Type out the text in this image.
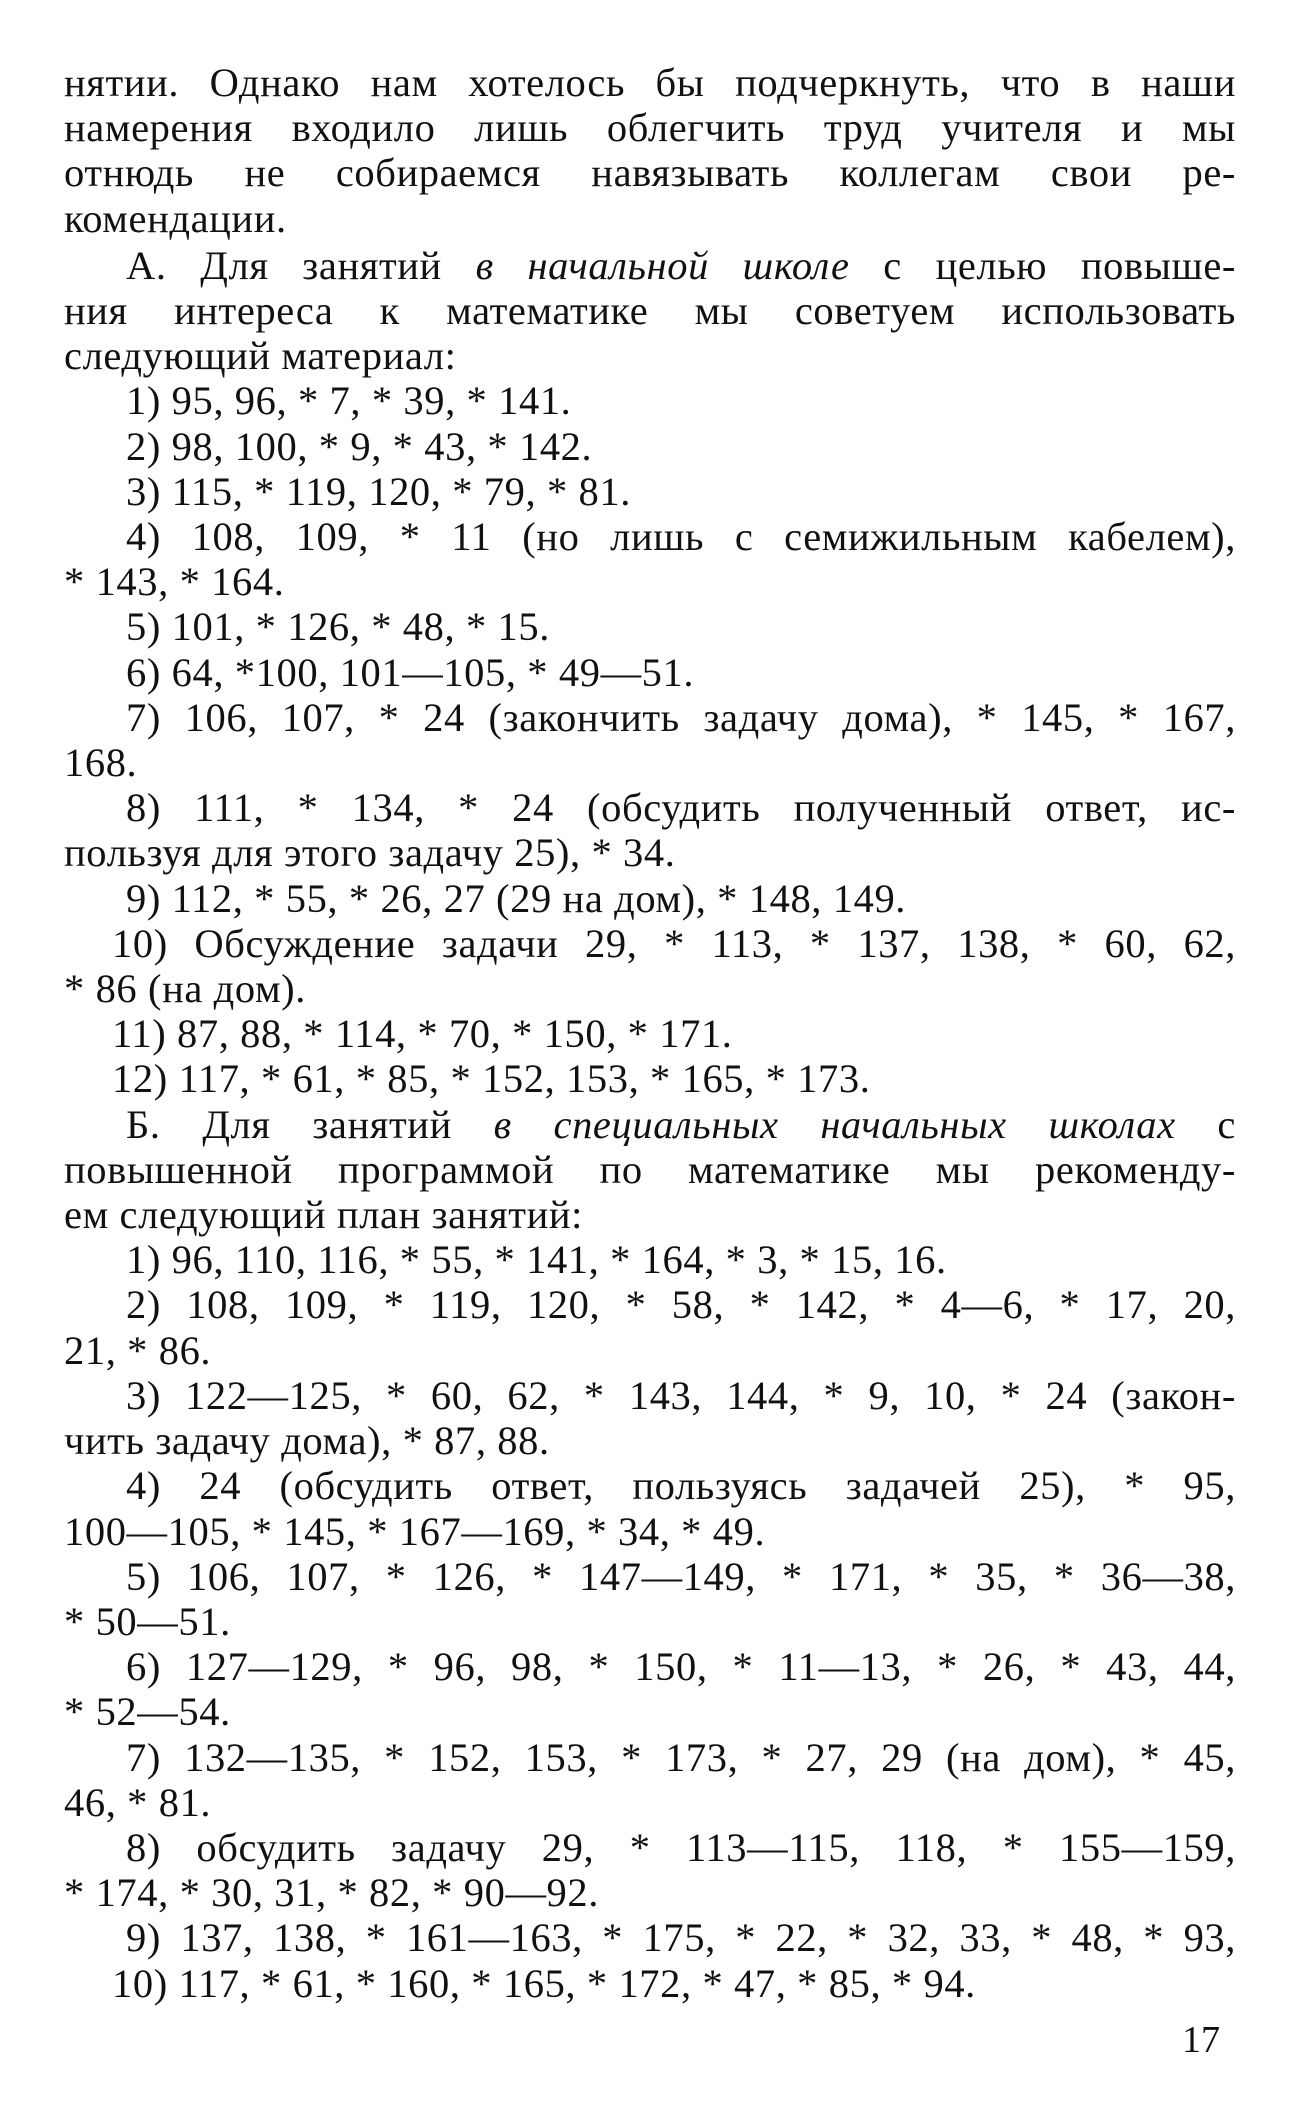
нятии. Однако нам хотелось бы подчеркнуть, что в наши

намерения входило лишь облегчить труд учителя и мы

отнюдь не собираемся навязывать коллегам свои ре-

комендации.

А. Для занятий в начальной школе с целью повыше-

ния интереса к математике мы советуем использовать

следующий материал:

1) 95, 96, * 7, * 39, * 141.

2) 98, 100, * 9, * 43, * 142.

3) 115, * 119, 120, * 79, * 81.

4) 108, 109, * 11 (но лишь с семижильным кабелем),

* 143, * 164.

5) 101, * 126, * 48, * 15.

6) 64, *100, 101—105, * 49—51.

7) 106, 107, * 24 (закончить задачу дома), * 145, * 167,

168.

8) 111, * 134, * 24 (обсудить полученный ответ, ис-

пользуя для этого задачу 25), * 34.

9) 112, * 55, * 26, 27 (29 на дом), * 148, 149.

10) Обсуждение задачи 29, * 113, * 137, 138, * 60, 62,

* 86 (на дом).

11) 87, 88, * 114, * 70, * 150, * 171.

12) 117, * 61, * 85, * 152, 153, * 165, * 173.

Б. Для занятий в специальных начальных школах с

повышенной программой по математике мы рекоменду-

ем следующий план занятий:

1) 96, 110, 116, * 55, * 141, * 164, * 3, * 15, 16.

2) 108, 109, * 119, 120, * 58, * 142, * 4—6, * 17, 20,

21, * 86.

3) 122—125, * 60, 62, * 143, 144, * 9, 10, * 24 (закон-

чить задачу дома), * 87, 88.

4) 24 (обсудить ответ, пользуясь задачей 25), * 95,

100—105, * 145, * 167—169, * 34, * 49.

5) 106, 107, * 126, * 147—149, * 171, * 35, * 36—38,

* 50—51.

6) 127—129, * 96, 98, * 150, * 11—13, * 26, * 43, 44,

* 52—54.

7) 132—135, * 152, 153, * 173, * 27, 29 (на дом), * 45,

46, * 81.

8) обсудить задачу 29, * 113—115, 118, * 155—159,

* 174, * 30, 31, * 82, * 90—92.

9) 137, 138, * 161—163, * 175, * 22, * 32, 33, * 48, * 93,

10) 117, * 61, * 160, * 165, * 172, * 47, * 85, * 94.

17
